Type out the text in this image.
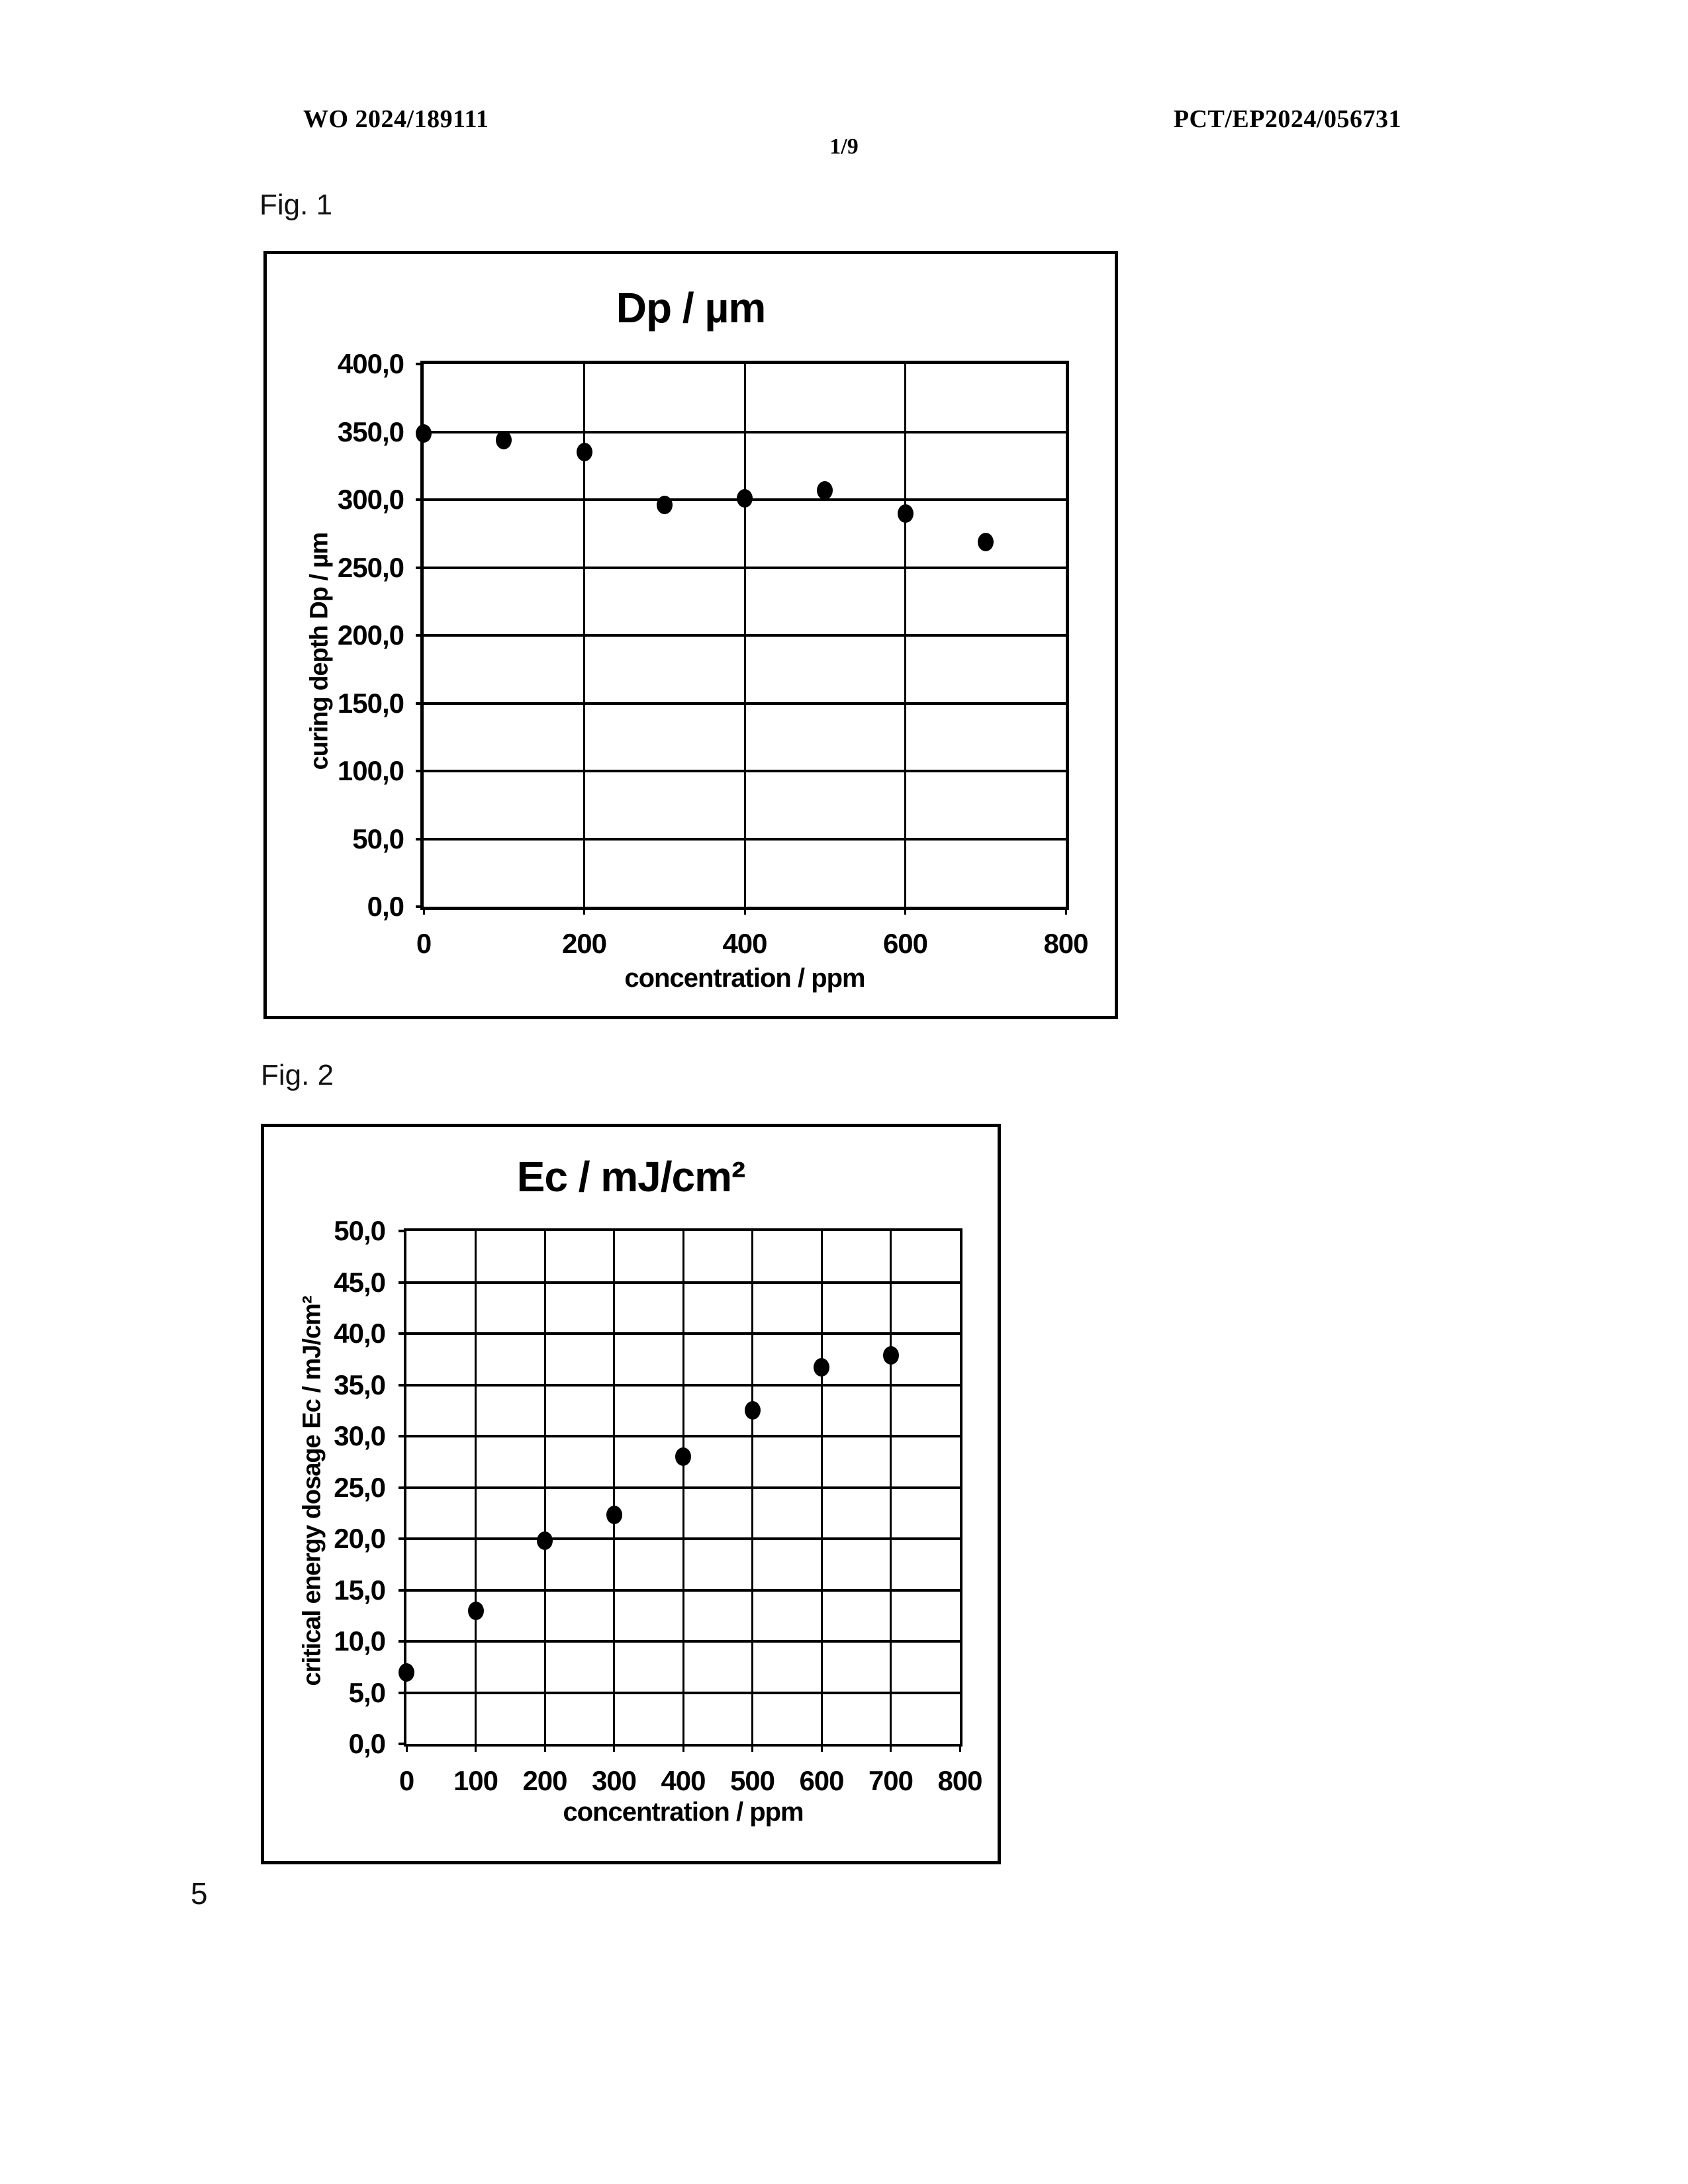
WO 2024/189111
1/9
PCT/EP2024/056731
Fig. 1
Dp / µm
curing depth Dp / µm
concentration / ppm
400,0
350,0
300,0
250,0
200,0
150,0
100,0
50,0
0,0
0	200	400	600	800
Fig. 2
Ec / mJ/cm²
critical energy dosage Ec / mJ/cm²
concentration / ppm
50,0
45,0
40,0
35,0
30,0
25,0
20,0
15,0
10,0
5,0
0,0
0	100 200 300 400 500 600 700 800
5
